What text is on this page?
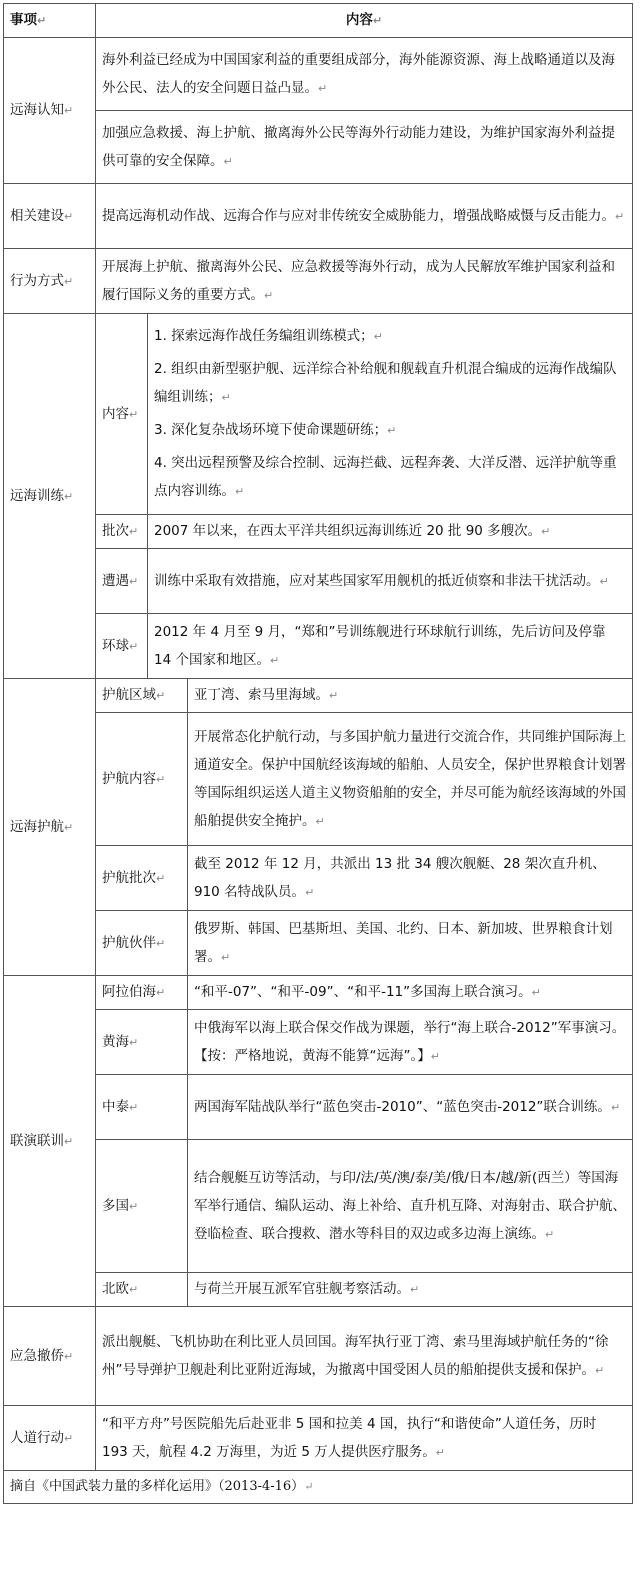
事项↵	内容↵		
远海认知↵	海外利益已经成为中国国家利益的重要组成部分，海外能源资源、海上战略通道以及海外公民、法人的安全问题日益凸显。↵		
	加强应急救援、海上护航、撤离海外公民等海外行动能力建设，为维护国家海外利益提供可靠的安全保障。↵		
相关建设↵	提高远海机动作战、远海合作与应对非传统安全威胁能力，增强战略威慑与反击能力。↵		
行为方式↵	开展海上护航、撤离海外公民、应急救援等海外行动，成为人民解放军维护国家利益和履行国际义务的重要方式。↵		
远海训练↵	内容↵	1. 探索远海作战任务编组训练模式；↵
2. 组织由新型驱护舰、远洋综合补给舰和舰载直升机混合编成的远海作战编队编组训练；↵
3. 深化复杂战场环境下使命课题研练；↵
4. 突出远程预警及综合控制、远海拦截、远程奔袭、大洋反潜、远洋护航等重点内容训练。↵	

	批次↵	2007 年以来，在西太平洋共组织远海训练近 20 批 90 多艘次。↵	
	遭遇↵	训练中采取有效措施，应对某些国家军用舰机的抵近侦察和非法干扰活动。↵	
	环球↵	2012 年 4 月至 9 月，“郑和”号训练舰进行环球航行训练，先后访问及停靠 14 个国家和地区。↵	
远海护航↵	护航区域↵		亚丁湾、索马里海域。↵
	护航内容↵		开展常态化护航行动，与多国护航力量进行交流合作，共同维护国际海上通道安全。保护中国航经该海域的船舶、人员安全，保护世界粮食计划署等国际组织运送人道主义物资船舶的安全，并尽可能为航经该海域的外国船舶提供安全掩护。↵
	护航批次↵		截至 2012 年 12 月，共派出 13 批 34 艘次舰艇、28 架次直升机、910 名特战队员。↵
	护航伙伴↵		俄罗斯、韩国、巴基斯坦、美国、北约、日本、新加坡、世界粮食计划署。↵
联演联训↵	阿拉伯海↵		“和平-07”、“和平-09”、“和平-11”多国海上联合演习。↵
	黄海↵		中俄海军以海上联合保交作战为课题，举行“海上联合-2012”军事演习。【按：严格地说，黄海不能算“远海”。】↵
	中泰↵		两国海军陆战队举行“蓝色突击-2010”、“蓝色突击-2012”联合训练。↵
	多国↵		结合舰艇互访等活动，与印/法/英/澳/泰/美/俄/日本/越/新(西兰）等国海军举行通信、编队运动、海上补给、直升机互降、对海射击、联合护航、登临检查、联合搜救、潜水等科目的双边或多边海上演练。↵
	北欧↵		与荷兰开展互派军官驻舰考察活动。↵
应急撤侨↵	派出舰艇、飞机协助在利比亚人员回国。海军执行亚丁湾、索马里海域护航任务的“徐州”号导弹护卫舰赴利比亚附近海域，为撤离中国受困人员的船舶提供支援和保护。↵		
人道行动↵	“和平方舟”号医院船先后赴亚非 5 国和拉美 4 国，执行“和谐使命”人道任务，历时 193 天，航程 4.2 万海里，为近 5 万人提供医疗服务。↵		
摘自《中国武装力量的多样化运用》（2013-4-16）↵			
